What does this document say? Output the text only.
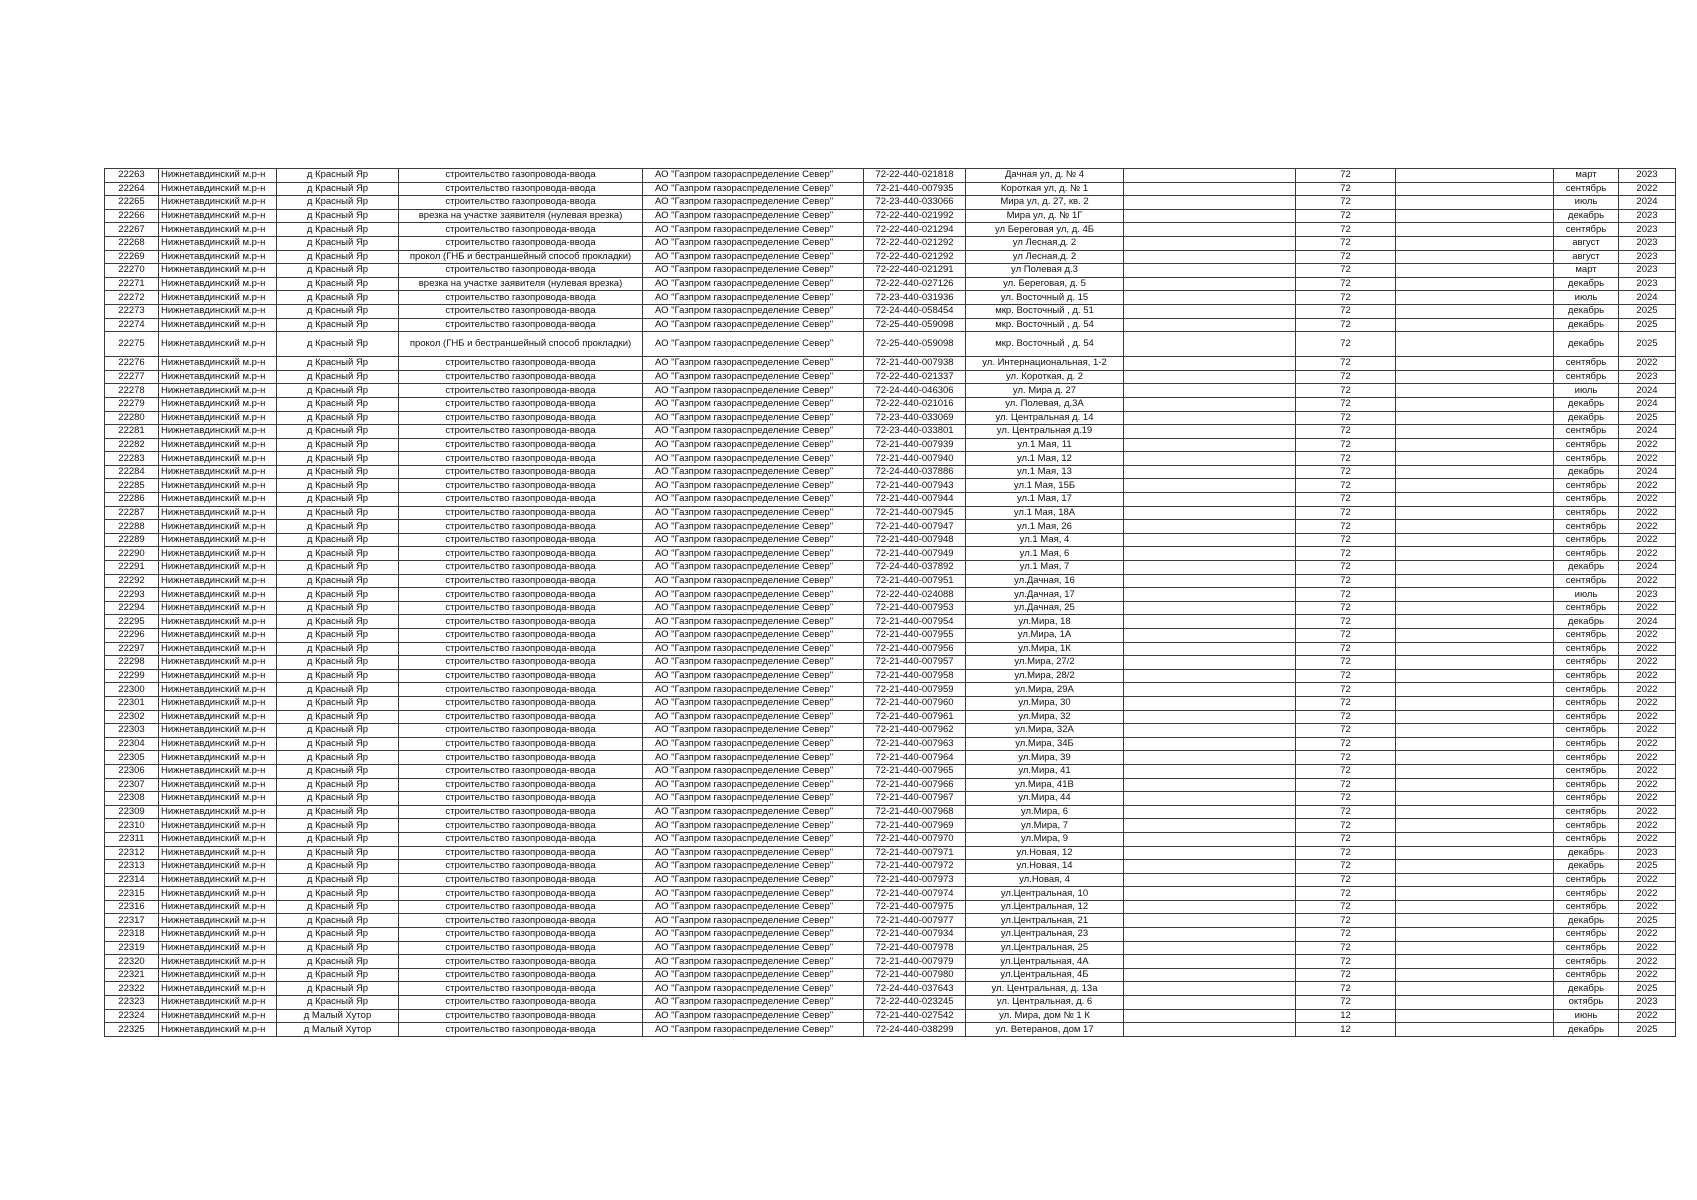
22263	Нижнетавдинский м.р-н	д Красный Яр	строительство газопровода-ввода	АО "Газпром газораспределение Север"	72-22-440-021818	Дачная ул, д. № 4		72		март	2023
22264	Нижнетавдинский м.р-н	д Красный Яр	строительство газопровода-ввода	АО "Газпром газораспределение Север"	72-21-440-007935	Короткая ул, д. № 1		72		сентябрь	2022
22265	Нижнетавдинский м.р-н	д Красный Яр	строительство газопровода-ввода	АО "Газпром газораспределение Север"	72-23-440-033066	Мира ул, д. 27, кв. 2		72		июль	2024
22266	Нижнетавдинский м.р-н	д Красный Яр	врезка на участке заявителя (нулевая врезка)	АО "Газпром газораспределение Север"	72-22-440-021992	Мира ул, д. № 1Г		72		декабрь	2023
22267	Нижнетавдинский м.р-н	д Красный Яр	строительство газопровода-ввода	АО "Газпром газораспределение Север"	72-22-440-021294	ул Береговая ул, д. 4Б		72		сентябрь	2023
22268	Нижнетавдинский м.р-н	д Красный Яр	строительство газопровода-ввода	АО "Газпром газораспределение Север"	72-22-440-021292	ул Лесная,д. 2		72		август	2023
22269	Нижнетавдинский м.р-н	д Красный Яр	прокол (ГНБ и бестраншейный способ прокладки)	АО "Газпром газораспределение Север"	72-22-440-021292	ул Лесная,д. 2		72		август	2023
22270	Нижнетавдинский м.р-н	д Красный Яр	строительство газопровода-ввода	АО "Газпром газораспределение Север"	72-22-440-021291	ул Полевая д.3		72		март	2023
22271	Нижнетавдинский м.р-н	д Красный Яр	врезка на участке заявителя (нулевая врезка)	АО "Газпром газораспределение Север"	72-22-440-027126	ул. Береговая, д. 5		72		декабрь	2023
22272	Нижнетавдинский м.р-н	д Красный Яр	строительство газопровода-ввода	АО "Газпром газораспределение Север"	72-23-440-031936	ул. Восточный д. 15		72		июль	2024
22273	Нижнетавдинский м.р-н	д Красный Яр	строительство газопровода-ввода	АО "Газпром газораспределение Север"	72-24-440-058454	мкр. Восточный , д. 51		72		декабрь	2025
22274	Нижнетавдинский м.р-н	д Красный Яр	строительство газопровода-ввода	АО "Газпром газораспределение Север"	72-25-440-059098	мкр. Восточный , д. 54		72		декабрь	2025
22275	Нижнетавдинский м.р-н	д Красный Яр	прокол (ГНБ и бестраншейный способ прокладки)	АО "Газпром газораспределение Север"	72-25-440-059098	мкр. Восточный , д. 54		72		декабрь	2025
22276	Нижнетавдинский м.р-н	д Красный Яр	строительство газопровода-ввода	АО "Газпром газораспределение Север"	72-21-440-007938	ул. Интернациональная, 1-2		72		сентябрь	2022
22277	Нижнетавдинский м.р-н	д Красный Яр	строительство газопровода-ввода	АО "Газпром газораспределение Север"	72-22-440-021337	ул. Короткая, д. 2		72		сентябрь	2023
22278	Нижнетавдинский м.р-н	д Красный Яр	строительство газопровода-ввода	АО "Газпром газораспределение Север"	72-24-440-046306	ул. Мира д. 27		72		июль	2024
22279	Нижнетавдинский м.р-н	д Красный Яр	строительство газопровода-ввода	АО "Газпром газораспределение Север"	72-22-440-021016	ул. Полевая, д.3А		72		декабрь	2024
22280	Нижнетавдинский м.р-н	д Красный Яр	строительство газопровода-ввода	АО "Газпром газораспределение Север"	72-23-440-033069	ул. Центральная д. 14		72		декабрь	2025
22281	Нижнетавдинский м.р-н	д Красный Яр	строительство газопровода-ввода	АО "Газпром газораспределение Север"	72-23-440-033801	ул. Центральная д.19		72		сентябрь	2024
22282	Нижнетавдинский м.р-н	д Красный Яр	строительство газопровода-ввода	АО "Газпром газораспределение Север"	72-21-440-007939	ул.1 Мая, 11		72		сентябрь	2022
22283	Нижнетавдинский м.р-н	д Красный Яр	строительство газопровода-ввода	АО "Газпром газораспределение Север"	72-21-440-007940	ул.1 Мая, 12		72		сентябрь	2022
22284	Нижнетавдинский м.р-н	д Красный Яр	строительство газопровода-ввода	АО "Газпром газораспределение Север"	72-24-440-037886	ул.1 Мая, 13		72		декабрь	2024
22285	Нижнетавдинский м.р-н	д Красный Яр	строительство газопровода-ввода	АО "Газпром газораспределение Север"	72-21-440-007943	ул.1 Мая, 15Б		72		сентябрь	2022
22286	Нижнетавдинский м.р-н	д Красный Яр	строительство газопровода-ввода	АО "Газпром газораспределение Север"	72-21-440-007944	ул.1 Мая, 17		72		сентябрь	2022
22287	Нижнетавдинский м.р-н	д Красный Яр	строительство газопровода-ввода	АО "Газпром газораспределение Север"	72-21-440-007945	ул.1 Мая, 18А		72		сентябрь	2022
22288	Нижнетавдинский м.р-н	д Красный Яр	строительство газопровода-ввода	АО "Газпром газораспределение Север"	72-21-440-007947	ул.1 Мая, 26		72		сентябрь	2022
22289	Нижнетавдинский м.р-н	д Красный Яр	строительство газопровода-ввода	АО "Газпром газораспределение Север"	72-21-440-007948	ул.1 Мая, 4		72		сентябрь	2022
22290	Нижнетавдинский м.р-н	д Красный Яр	строительство газопровода-ввода	АО "Газпром газораспределение Север"	72-21-440-007949	ул.1 Мая, 6		72		сентябрь	2022
22291	Нижнетавдинский м.р-н	д Красный Яр	строительство газопровода-ввода	АО "Газпром газораспределение Север"	72-24-440-037892	ул.1 Мая, 7		72		декабрь	2024
22292	Нижнетавдинский м.р-н	д Красный Яр	строительство газопровода-ввода	АО "Газпром газораспределение Север"	72-21-440-007951	ул.Дачная, 16		72		сентябрь	2022
22293	Нижнетавдинский м.р-н	д Красный Яр	строительство газопровода-ввода	АО "Газпром газораспределение Север"	72-22-440-024088	ул.Дачная, 17		72		июль	2023
22294	Нижнетавдинский м.р-н	д Красный Яр	строительство газопровода-ввода	АО "Газпром газораспределение Север"	72-21-440-007953	ул.Дачная, 25		72		сентябрь	2022
22295	Нижнетавдинский м.р-н	д Красный Яр	строительство газопровода-ввода	АО "Газпром газораспределение Север"	72-21-440-007954	ул.Мира, 18		72		декабрь	2024
22296	Нижнетавдинский м.р-н	д Красный Яр	строительство газопровода-ввода	АО "Газпром газораспределение Север"	72-21-440-007955	ул.Мира, 1А		72		сентябрь	2022
22297	Нижнетавдинский м.р-н	д Красный Яр	строительство газопровода-ввода	АО "Газпром газораспределение Север"	72-21-440-007956	ул.Мира, 1К		72		сентябрь	2022
22298	Нижнетавдинский м.р-н	д Красный Яр	строительство газопровода-ввода	АО "Газпром газораспределение Север"	72-21-440-007957	ул.Мира, 27/2		72		сентябрь	2022
22299	Нижнетавдинский м.р-н	д Красный Яр	строительство газопровода-ввода	АО "Газпром газораспределение Север"	72-21-440-007958	ул.Мира, 28/2		72		сентябрь	2022
22300	Нижнетавдинский м.р-н	д Красный Яр	строительство газопровода-ввода	АО "Газпром газораспределение Север"	72-21-440-007959	ул.Мира, 29А		72		сентябрь	2022
22301	Нижнетавдинский м.р-н	д Красный Яр	строительство газопровода-ввода	АО "Газпром газораспределение Север"	72-21-440-007960	ул.Мира, 30		72		сентябрь	2022
22302	Нижнетавдинский м.р-н	д Красный Яр	строительство газопровода-ввода	АО "Газпром газораспределение Север"	72-21-440-007961	ул.Мира, 32		72		сентябрь	2022
22303	Нижнетавдинский м.р-н	д Красный Яр	строительство газопровода-ввода	АО "Газпром газораспределение Север"	72-21-440-007962	ул.Мира, 32А		72		сентябрь	2022
22304	Нижнетавдинский м.р-н	д Красный Яр	строительство газопровода-ввода	АО "Газпром газораспределение Север"	72-21-440-007963	ул.Мира, 34Б		72		сентябрь	2022
22305	Нижнетавдинский м.р-н	д Красный Яр	строительство газопровода-ввода	АО "Газпром газораспределение Север"	72-21-440-007964	ул.Мира, 39		72		сентябрь	2022
22306	Нижнетавдинский м.р-н	д Красный Яр	строительство газопровода-ввода	АО "Газпром газораспределение Север"	72-21-440-007965	ул.Мира, 41		72		сентябрь	2022
22307	Нижнетавдинский м.р-н	д Красный Яр	строительство газопровода-ввода	АО "Газпром газораспределение Север"	72-21-440-007966	ул.Мира, 41В		72		сентябрь	2022
22308	Нижнетавдинский м.р-н	д Красный Яр	строительство газопровода-ввода	АО "Газпром газораспределение Север"	72-21-440-007967	ул.Мира, 44		72		сентябрь	2022
22309	Нижнетавдинский м.р-н	д Красный Яр	строительство газопровода-ввода	АО "Газпром газораспределение Север"	72-21-440-007968	ул.Мира, 6		72		сентябрь	2022
22310	Нижнетавдинский м.р-н	д Красный Яр	строительство газопровода-ввода	АО "Газпром газораспределение Север"	72-21-440-007969	ул.Мира, 7		72		сентябрь	2022
22311	Нижнетавдинский м.р-н	д Красный Яр	строительство газопровода-ввода	АО "Газпром газораспределение Север"	72-21-440-007970	ул.Мира, 9		72		сентябрь	2022
22312	Нижнетавдинский м.р-н	д Красный Яр	строительство газопровода-ввода	АО "Газпром газораспределение Север"	72-21-440-007971	ул.Новая, 12		72		декабрь	2023
22313	Нижнетавдинский м.р-н	д Красный Яр	строительство газопровода-ввода	АО "Газпром газораспределение Север"	72-21-440-007972	ул.Новая, 14		72		декабрь	2025
22314	Нижнетавдинский м.р-н	д Красный Яр	строительство газопровода-ввода	АО "Газпром газораспределение Север"	72-21-440-007973	ул.Новая, 4		72		сентябрь	2022
22315	Нижнетавдинский м.р-н	д Красный Яр	строительство газопровода-ввода	АО "Газпром газораспределение Север"	72-21-440-007974	ул.Центральная, 10		72		сентябрь	2022
22316	Нижнетавдинский м.р-н	д Красный Яр	строительство газопровода-ввода	АО "Газпром газораспределение Север"	72-21-440-007975	ул.Центральная, 12		72		сентябрь	2022
22317	Нижнетавдинский м.р-н	д Красный Яр	строительство газопровода-ввода	АО "Газпром газораспределение Север"	72-21-440-007977	ул.Центральная, 21		72		декабрь	2025
22318	Нижнетавдинский м.р-н	д Красный Яр	строительство газопровода-ввода	АО "Газпром газораспределение Север"	72-21-440-007934	ул.Центральная, 23		72		сентябрь	2022
22319	Нижнетавдинский м.р-н	д Красный Яр	строительство газопровода-ввода	АО "Газпром газораспределение Север"	72-21-440-007978	ул.Центральная, 25		72		сентябрь	2022
22320	Нижнетавдинский м.р-н	д Красный Яр	строительство газопровода-ввода	АО "Газпром газораспределение Север"	72-21-440-007979	ул.Центральная, 4А		72		сентябрь	2022
22321	Нижнетавдинский м.р-н	д Красный Яр	строительство газопровода-ввода	АО "Газпром газораспределение Север"	72-21-440-007980	ул.Центральная, 4Б		72		сентябрь	2022
22322	Нижнетавдинский м.р-н	д Красный Яр	строительство газопровода-ввода	АО "Газпром газораспределение Север"	72-24-440-037643	ул. Центральная, д. 13а		72		декабрь	2025
22323	Нижнетавдинский м.р-н	д Красный Яр	строительство газопровода-ввода	АО "Газпром газораспределение Север"	72-22-440-023245	ул. Центральная, д. 6		72		октябрь	2023
22324	Нижнетавдинский м.р-н	д Малый Хутор	строительство газопровода-ввода	АО "Газпром газораспределение Север"	72-21-440-027542	ул. Мира, дом № 1 К		12		июнь	2022
22325	Нижнетавдинский м.р-н	д Малый Хутор	строительство газопровода-ввода	АО "Газпром газораспределение Север"	72-24-440-038299	ул. Ветеранов, дом 17		12		декабрь	2025
